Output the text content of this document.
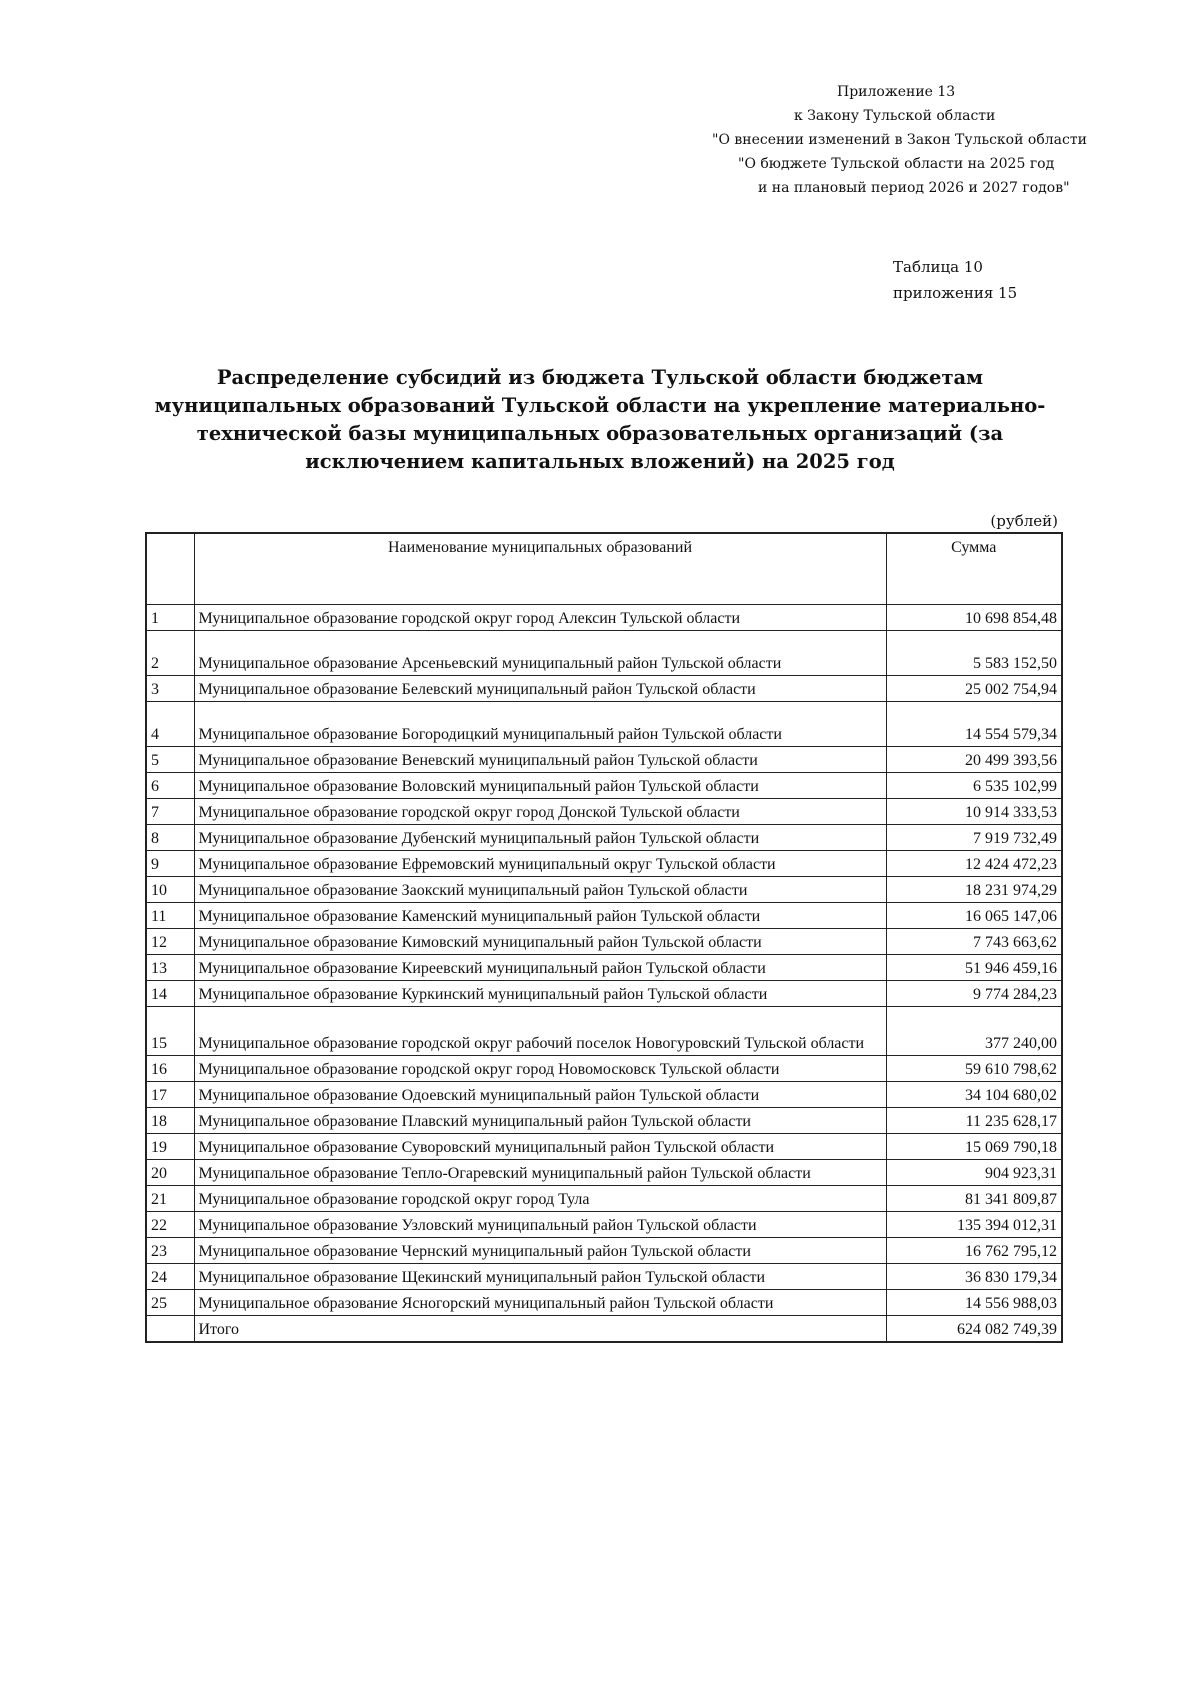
Приложение 13
к Закону Тульской области
"О внесении изменений в Закон Тульской области
"О бюджете Тульской области на 2025 год
и на плановый период 2026 и 2027 годов"
Таблица 10
приложения 15
Распределение субсидий из бюджета Тульской области бюджетам муниципальных образований Тульской области на укрепление материально-технической базы муниципальных образовательных организаций (за исключением капитальных вложений) на 2025 год
(рублей)
	Наименование муниципальных образований	Сумма
1	Муниципальное образование городской округ город Алексин Тульской области	10 698 854,48
2	Муниципальное образование Арсеньевский муниципальный район Тульской области	5 583 152,50
3	Муниципальное образование Белевский муниципальный район Тульской области	25 002 754,94
4	Муниципальное образование Богородицкий муниципальный район Тульской области	14 554 579,34
5	Муниципальное образование Веневский муниципальный район Тульской области	20 499 393,56
6	Муниципальное образование Воловский муниципальный район Тульской области	6 535 102,99
7	Муниципальное образование городской округ город Донской Тульской области	10 914 333,53
8	Муниципальное образование Дубенский муниципальный район Тульской области	7 919 732,49
9	Муниципальное образование Ефремовский муниципальный округ Тульской области	12 424 472,23
10	Муниципальное образование Заокский муниципальный район Тульской области	18 231 974,29
11	Муниципальное образование Каменский муниципальный район Тульской области	16 065 147,06
12	Муниципальное образование Кимовский муниципальный район Тульской области	7 743 663,62
13	Муниципальное образование Киреевский муниципальный район Тульской области	51 946 459,16
14	Муниципальное образование Куркинский муниципальный район Тульской области	9 774 284,23
15	Муниципальное образование городской округ рабочий поселок Новогуровский Тульской области	377 240,00
16	Муниципальное образование городской округ город Новомосковск Тульской области	59 610 798,62
17	Муниципальное образование Одоевский муниципальный район Тульской области	34 104 680,02
18	Муниципальное образование Плавский муниципальный район Тульской области	11 235 628,17
19	Муниципальное образование Суворовский муниципальный район Тульской области	15 069 790,18
20	Муниципальное образование Тепло-Огаревский муниципальный район Тульской области	904 923,31
21	Муниципальное образование городской округ город Тула	81 341 809,87
22	Муниципальное образование Узловский муниципальный район Тульской области	135 394 012,31
23	Муниципальное образование Чернский муниципальный район Тульской области	16 762 795,12
24	Муниципальное образование Щекинский муниципальный район Тульской области	36 830 179,34
25	Муниципальное образование Ясногорский муниципальный район Тульской области	14 556 988,03
	Итого	624 082 749,39
